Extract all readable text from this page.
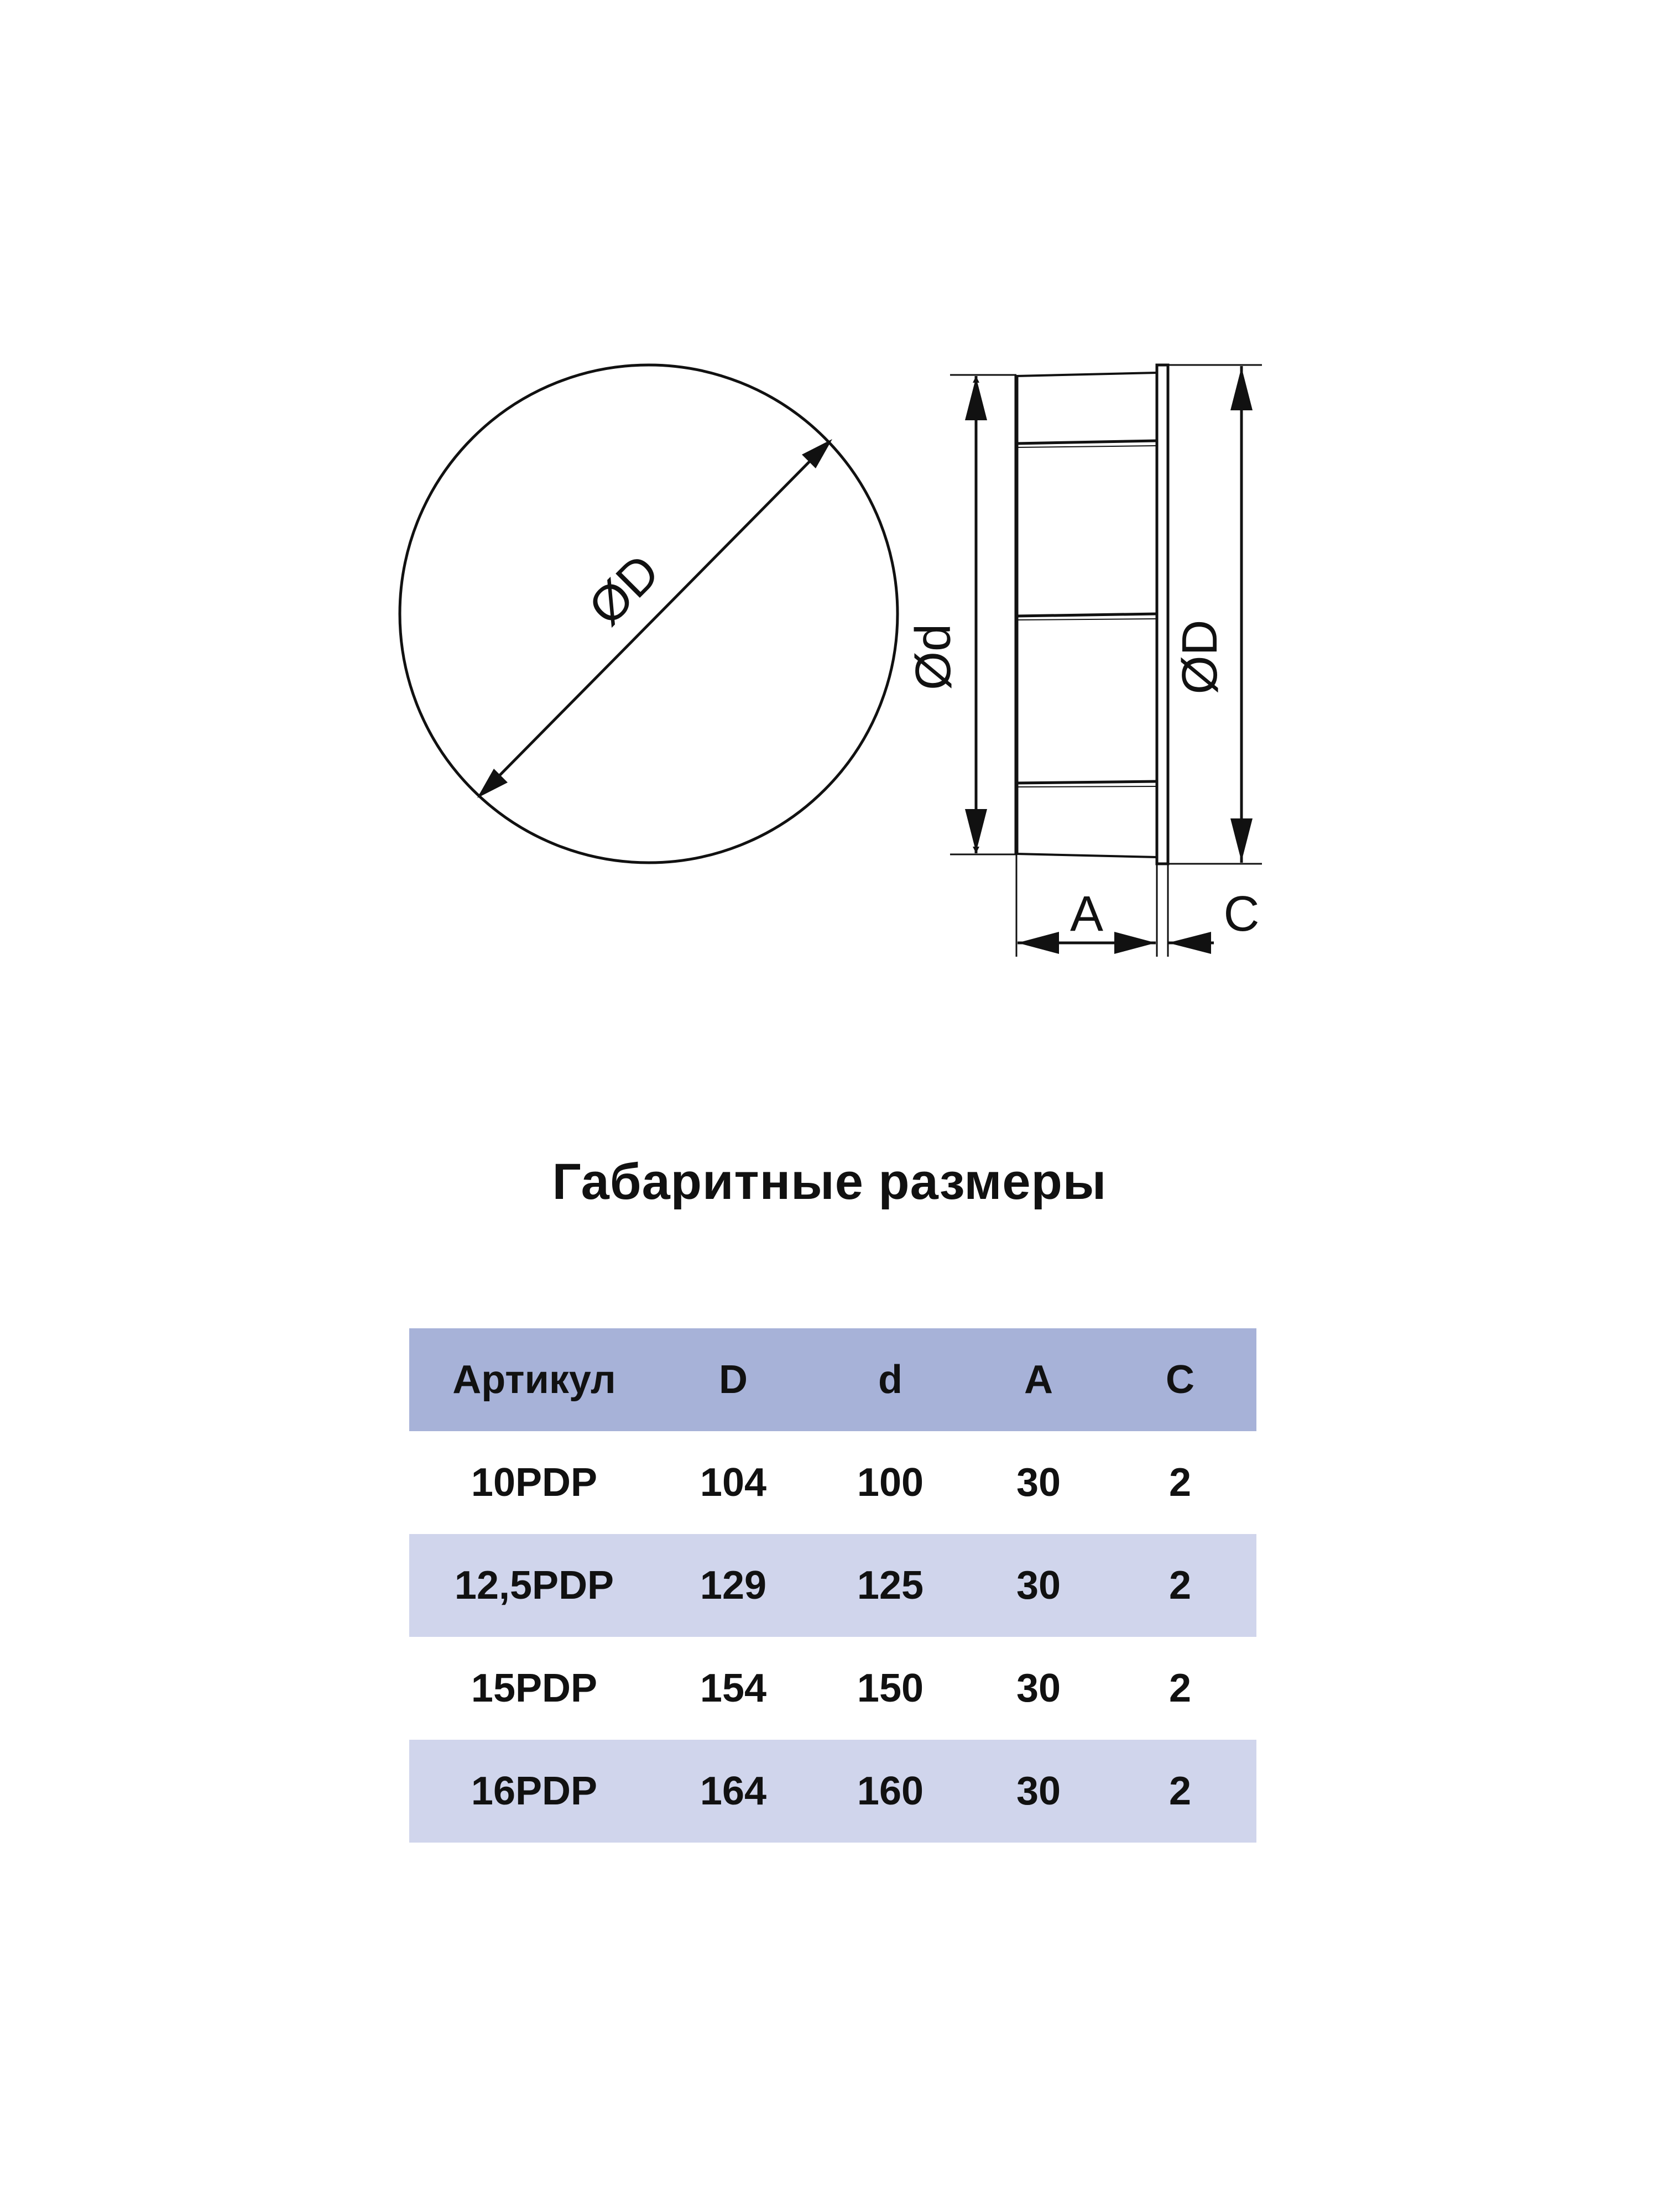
ØD
Ød	ØD
A C
Габаритные размеры
Артикул	D	d	A	C
10PDP	104	100	30	2
12,5PDP	129	125	30	2
15PDP	154	150	30	2
16PDP	164	160	30	2
